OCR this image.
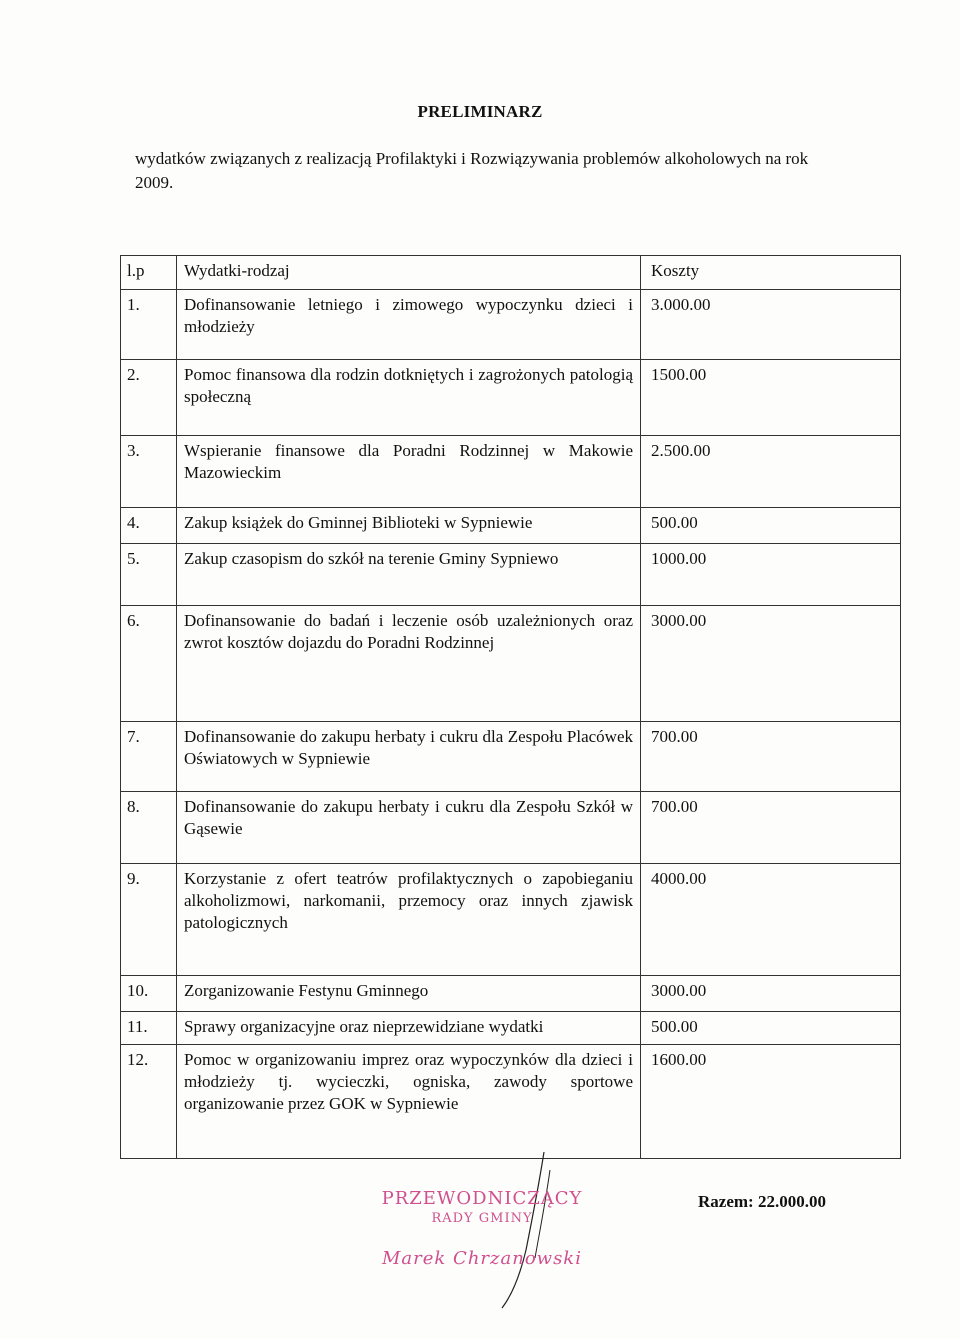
PRELIMINARZ
wydatków związanych z realizacją Profilaktyki i Rozwiązywania problemów alkoholowych na rok 2009.
l.p	Wydatki-rodzaj	Koszty
1.	Dofinansowanie letniego i zimowego wypoczynku dzieci i młodzieży	3.000.00
2.	Pomoc finansowa dla rodzin dotkniętych i zagrożonych patologią społeczną	1500.00
3.	Wspieranie finansowe dla Poradni Rodzinnej w Makowie Mazowieckim	2.500.00
4.	Zakup książek do Gminnej Biblioteki w Sypniewie	500.00
5.	Zakup czasopism do szkół na terenie Gminy Sypniewo	1000.00
6.	Dofinansowanie do badań i leczenie osób uzależnionych oraz zwrot kosztów dojazdu do Poradni Rodzinnej	3000.00
7.	Dofinansowanie do zakupu herbaty i cukru dla Zespołu Placówek Oświatowych w Sypniewie	700.00
8.	Dofinansowanie do zakupu herbaty i cukru dla Zespołu Szkół w Gąsewie	700.00
9.	Korzystanie z ofert teatrów profilaktycznych o zapobieganiu alkoholizmowi, narkomanii, przemocy oraz innych zjawisk patologicznych	4000.00
10.	Zorganizowanie Festynu Gminnego	3000.00
11.	Sprawy organizacyjne oraz nieprzewidziane wydatki	500.00
12.	Pomoc w organizowaniu imprez oraz wypoczynków dla dzieci i młodzieży tj. wycieczki, ogniska, zawody sportowe organizowanie przez GOK w Sypniewie	1600.00
PRZEWODNICZĄCY
RADY GMINY
Marek Chrzanowski
Razem: 22.000.00
